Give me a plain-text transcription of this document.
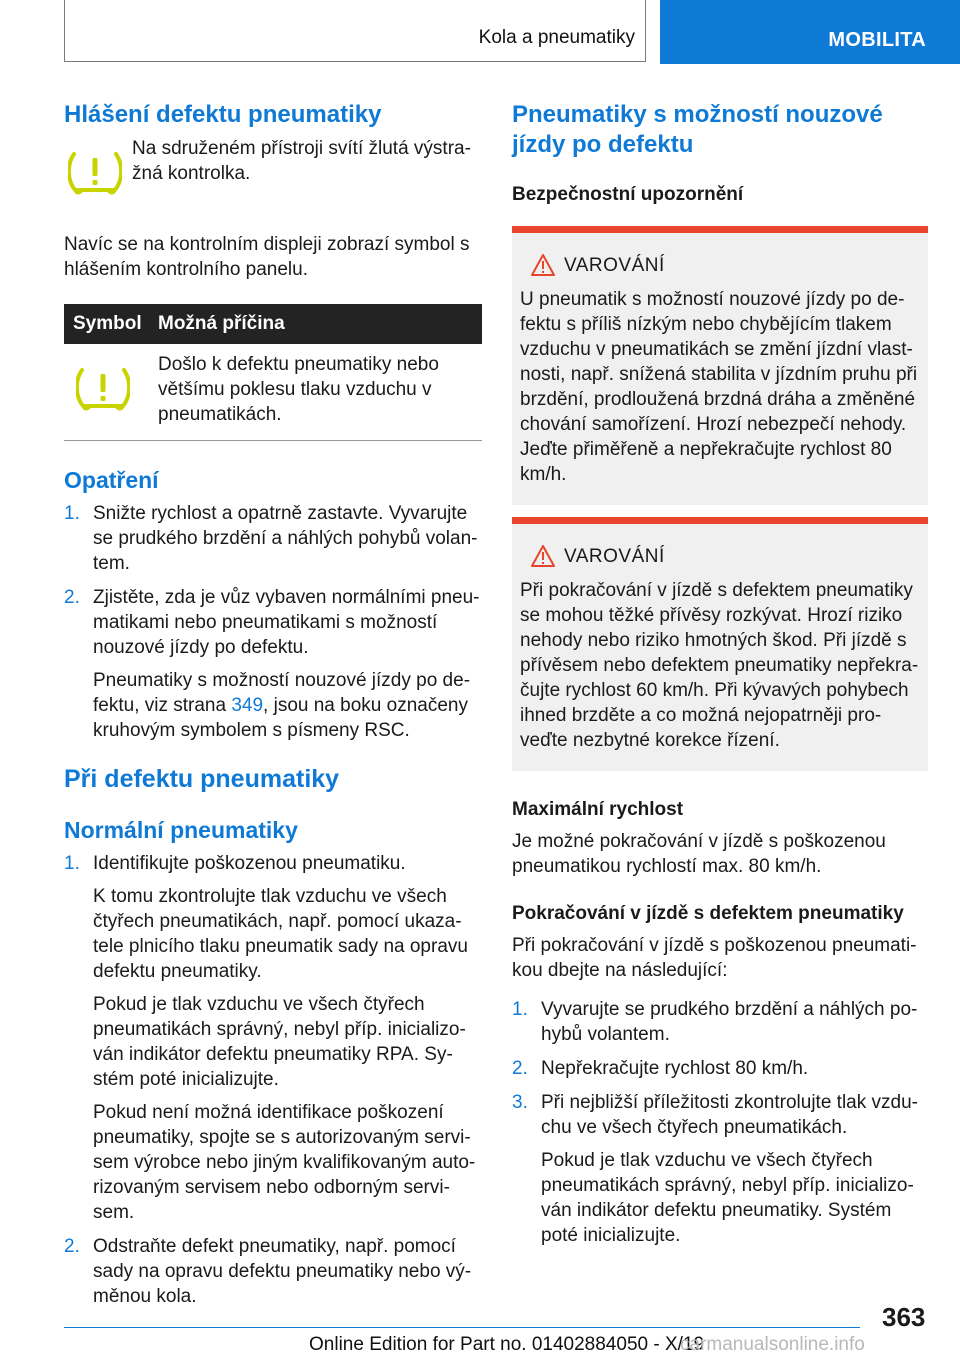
Kola a pneumatiky	MOBILITA
Hlášení defektu pneumatiky

Na sdruženém přístroji svítí žlutá výstra-

žná kontrolka.

Navíc se na kontrolním displeji zobrazí symbol s hlášením kontrolního panelu.

Symbol Možná příčina

Došlo k defektu pneumatiky nebo většímu poklesu tlaku vzduchu v pneumatikách.

Opatření
1. Snižte rychlost a opatrně zastavte. Vyvarujte se prudkého brzdění a náhlých pohybů volan-tem.

2. Zjistěte, zda je vůz vybaven normálními pneu-matikami nebo pneumatikami s možností nouzové jízdy po defektu.

Pneumatiky s možností nouzové jízdy po de-fektu, viz strana 349, jsou na boku označeny kruhovým symbolem s písmeny RSC.

Při defektu pneumatiky
Normální pneumatiky
1. Identifikujte poškozenou pneumatiku.

K tomu zkontrolujte tlak vzduchu ve všech čtyřech pneumatikách, např. pomocí ukaza-tele plnicího tlaku pneumatik sady na opravu defektu pneumatiky.

Pokud je tlak vzduchu ve všech čtyřech pneumatikách správný, nebyl příp. inicializo-ván indikátor defektu pneumatiky RPA. Sy-stém poté inicializujte.

Pokud není možná identifikace poškození pneumatiky, spojte se s autorizovaným servi-sem výrobce nebo jiným kvalifikovaným auto-rizovaným servisem nebo odborným servi-sem.

2. Odstraňte defekt pneumatiky, např. pomocí sady na opravu defektu pneumatiky nebo vý-měnou kola.

Pneumatiky s možností nouzové jízdy po defektu

Bezpečnostní upozornění

VAROVÁNÍ

U pneumatik s možností nouzové jízdy po de-fektu s příliš nízkým nebo chybějícím tlakem vzduchu v pneumatikách se změní jízdní vlast-nosti, např. snížená stabilita v jízdním pruhu při brzdění, prodloužená brzdná dráha a změněné chování samořízení. Hrozí nebezpečí nehody. Jeďte přiměřeně a nepřekračujte rychlost 80 km/h.

VAROVÁNÍ

Při pokračování v jízdě s defektem pneumatiky se mohou těžké přívěsy rozkývat. Hrozí riziko nehody nebo riziko hmotných škod. Při jízdě s přívěsem nebo defektem pneumatiky nepřekra-čujte rychlost 60 km/h. Při kývavých pohybech ihned brzděte a co možná nejopatrněji pro-veďte nezbytné korekce řízení.

Maximální rychlost

Je možné pokračování v jízdě s poškozenou pneumatikou rychlostí max. 80 km/h.

Pokračování v jízdě s defektem pneumatiky

Při pokračování v jízdě s poškozenou pneumati-kou dbejte na následující:

1. Vyvarujte se prudkého brzdění a náhlých po-hybů volantem.

2. Nepřekračujte rychlost 80 km/h.

3. Při nejbližší příležitosti zkontrolujte tlak vzdu-chu ve všech čtyřech pneumatikách.

Pokud je tlak vzduchu ve všech čtyřech pneumatikách správný, nebyl příp. inicializo-ván indikátor defektu pneumatiky. Systém poté inicializujte.

363
Online Edition for Part no. 01402884050 - X/19
carmanualsonline.info
